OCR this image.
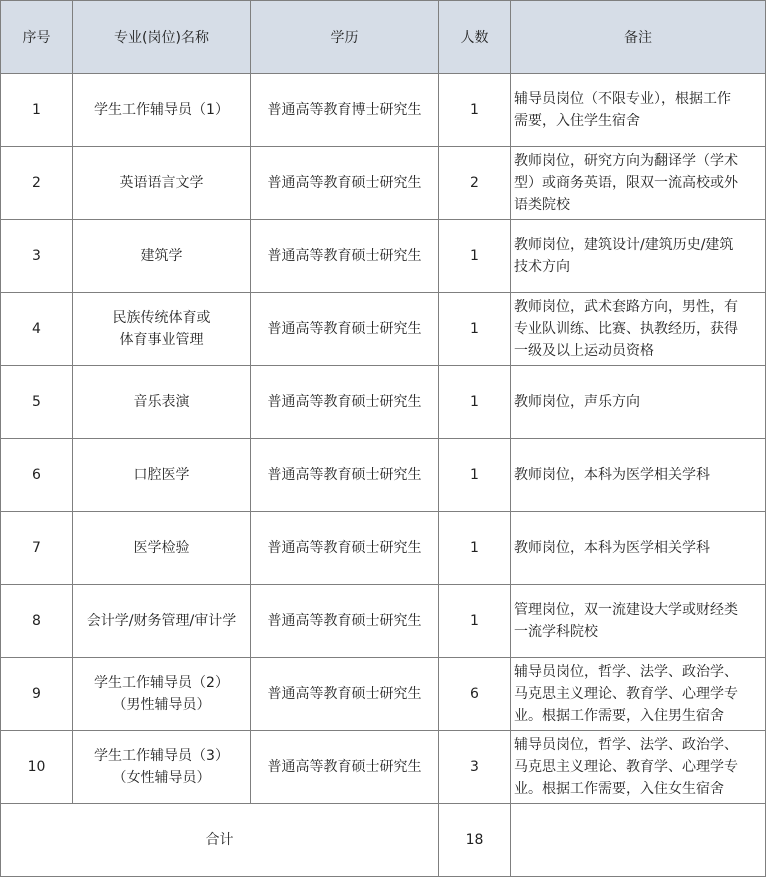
序号	专业(岗位)名称	学历	人数	备注
1	学生工作辅导员（1）	普通高等教育博士研究生	1	辅导员岗位（不限专业），根据工作
需要，入住学生宿舍

2	英语语言文学	普通高等教育硕士研究生	2	教师岗位，研究方向为翻译学（学术
型）或商务英语，限双一流高校或外
语类院校

3	建筑学	普通高等教育硕士研究生	1	教师岗位，建筑设计/建筑历史/建筑
技术方向

4	民族传统体育或
体育事业管理	普通高等教育硕士研究生	1	教师岗位，武术套路方向，男性，有
专业队训练、比赛、执教经历，获得
一级及以上运动员资格

5	音乐表演	普通高等教育硕士研究生	1	教师岗位，声乐方向

6	口腔医学	普通高等教育硕士研究生	1	教师岗位，本科为医学相关学科

7	医学检验	普通高等教育硕士研究生	1	教师岗位，本科为医学相关学科

8	会计学/财务管理/审计学	普通高等教育硕士研究生	1	管理岗位，双一流建设大学或财经类
一流学科院校

9	学生工作辅导员（2）
（男性辅导员）	普通高等教育硕士研究生	6	辅导员岗位，哲学、法学、政治学、
马克思主义理论、教育学、心理学专
业。根据工作需要，入住男生宿舍

10	学生工作辅导员（3）
（女性辅导员）	普通高等教育硕士研究生	3	辅导员岗位，哲学、法学、政治学、
马克思主义理论、教育学、心理学专
业。根据工作需要，入住女生宿舍

合计			18	
